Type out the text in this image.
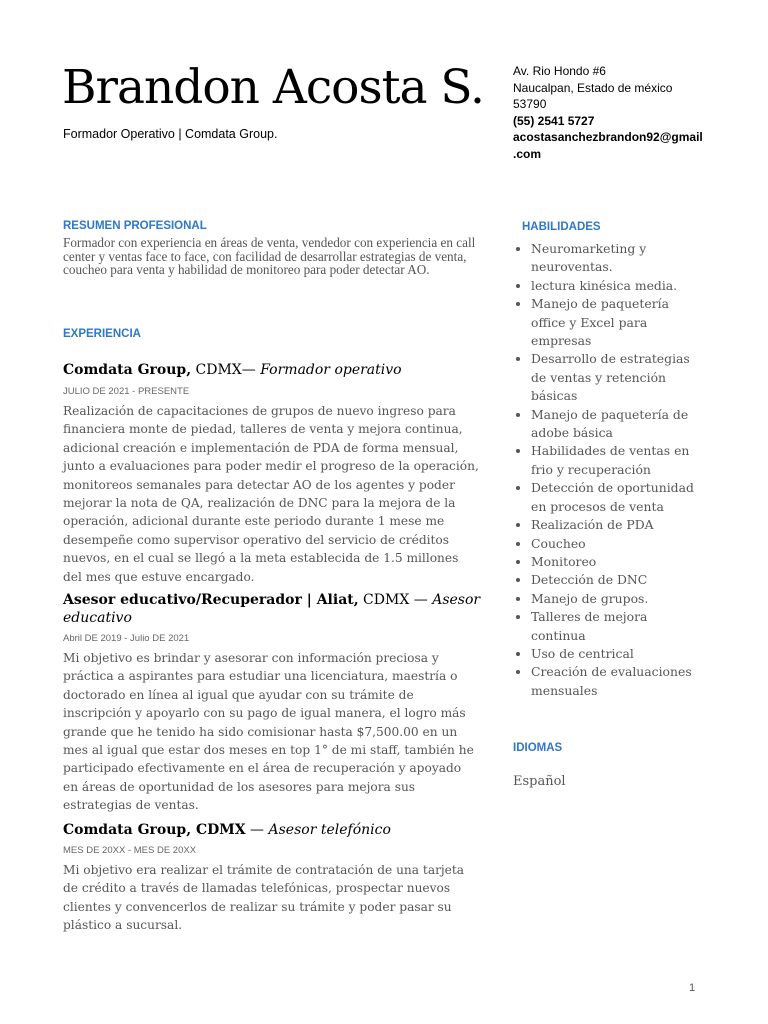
Brandon Acosta S.
Formador Operativo | Comdata Group.
Av. Rio Hondo #6
Naucalpan, Estado de méxico
53790
(55) 2541 5727
acostasanchezbrandon92@gmail
.com
RESUMEN PROFESIONAL
Formador con experiencia en áreas de venta, vendedor con experiencia en call center y ventas face to face, con facilidad de desarrollar estrategias de venta, coucheo para venta y habilidad de monitoreo para poder detectar AO.
EXPERIENCIA
Comdata Group, CDMX— Formador operativo
JULIO DE 2021 - PRESENTE
Realización de capacitaciones de grupos de nuevo ingreso para financiera monte de piedad, talleres de venta y mejora continua, adicional creación e implementación de PDA de forma mensual, junto a evaluaciones para poder medir el progreso de la operación, monitoreos semanales para detectar AO de los agentes y poder mejorar la nota de QA, realización de DNC para la mejora de la operación, adicional durante este periodo durante 1 mese me desempeñe como supervisor operativo del servicio de créditos nuevos, en el cual se llegó a la meta establecida de 1.5 millones del mes que estuve encargado.
Asesor educativo/Recuperador | Aliat, CDMX — Asesor educativo
Abril DE 2019 - Julio DE 2021
Mi objetivo es brindar y asesorar con información preciosa y práctica a aspirantes para estudiar una licenciatura, maestría o doctorado en línea al igual que ayudar con su trámite de inscripción y apoyarlo con su pago de igual manera, el logro más grande que he tenido ha sido comisionar hasta $7,500.00 en un mes al igual que estar dos meses en top 1° de mi staff, también he participado efectivamente en el área de recuperación y apoyado en áreas de oportunidad de los asesores para mejora sus estrategias de ventas.
Comdata Group, CDMX — Asesor telefónico
MES DE 20XX - MES DE 20XX
Mi objetivo era realizar el trámite de contratación de una tarjeta de crédito a través de llamadas telefónicas, prospectar nuevos clientes y convencerlos de realizar su trámite y poder pasar su plástico a sucursal.
HABILIDADES
• Neuromarketing y neuroventas.
• lectura kinésica media.
• Manejo de paquetería office y Excel para empresas
• Desarrollo de estrategias de ventas y retención básicas
• Manejo de paquetería de adobe básica
• Habilidades de ventas en frio y recuperación
• Detección de oportunidad en procesos de venta
• Realización de PDA
• Coucheo
• Monitoreo
• Detección de DNC
• Manejo de grupos.
• Talleres de mejora continua
• Uso de centrical
• Creación de evaluaciones mensuales
IDIOMAS
Español
1
